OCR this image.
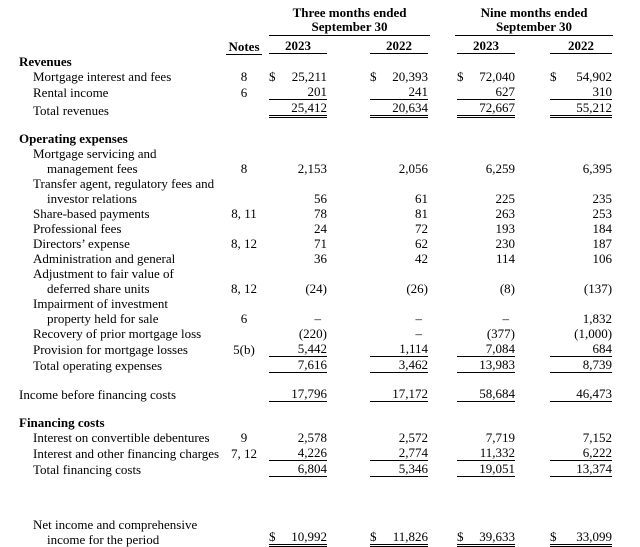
Three months ended
September 30

Nine months ended
September 30

	Notes	2023	2022	2023	2022

Revenues					

Mortgage interest and fees	8	$ 25,211	$ 20,393	$ 72,040	$ 54,902

Rental income	6	201	241	627	310

Total revenues		25,412	20,634	72,667	55,212

Operating expenses					

Mortgage servicing and
management fees	8	2,153	2,056	6,259	6,395

Transfer agent, regulatory fees and
investor relations		56	61	225	235

Share-based payments	8, 11	78	81	263	253

Professional fees		24	72	193	184

Directors’ expense	8, 12	71	62	230	187

Administration and general		36	42	114	106

Adjustment to fair value of
deferred share units	8, 12	(24)	(26)	(8)	(137)

Impairment of investment
property held for sale	6	–	–	–	1,832

Recovery of prior mortgage loss		(220)	–	(377)	(1,000)

Provision for mortgage losses	5(b)	5,442	1,114	7,084	684

Total operating expenses		7,616	3,462	13,983	8,739

Income before financing costs		17,796	17,172	58,684	46,473

Financing costs					

Interest on convertible debentures	9	2,578	2,572	7,719	7,152

Interest and other financing charges	7, 12	4,226	2,774	11,332	6,222

Total financing costs		6,804	5,346	19,051	13,374

Net income and comprehensive
income for the period		$	10,992	$	11,826	$	39,633	$	33,099
